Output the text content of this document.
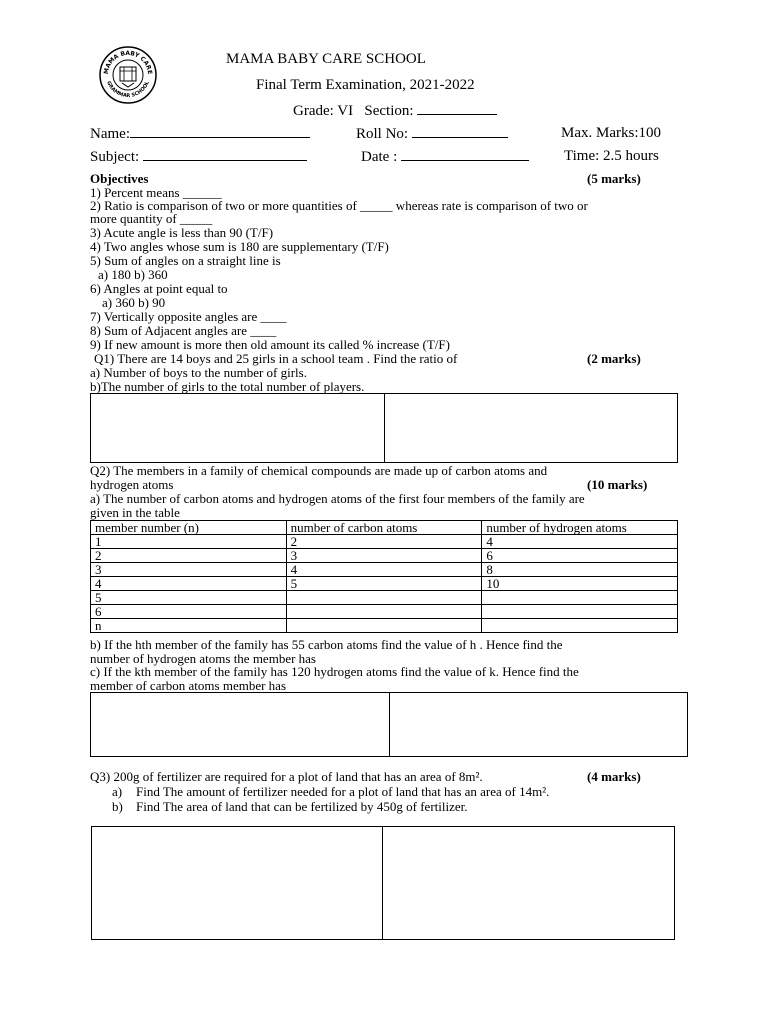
MAMA BABY CARE
GRAMMAR SCHOOL
MAMA BABY CARE SCHOOL
Final Term Examination, 2021-2022
Grade: VI Section:
Name:	Roll No:	Max. Marks:100
Subject:	Date :	Time: 2.5 hours
Objectives	(5 marks)
1) Percent means ______
2) Ratio is comparison of two or more quantities of _____ whereas rate is comparison of two or
more quantity of _____
3) Acute angle is less than 90 (T/F)
4) Two angles whose sum is 180 are supplementary (T/F)
5) Sum of angles on a straight line is
a) 180 b) 360
6) Angles at point equal to
a) 360 b) 90
7) Vertically opposite angles are ____
8) Sum of Adjacent angles are ____
9) If new amount is more then old amount its called % increase (T/F)
Q1) There are 14 boys and 25 girls in a school team . Find the ratio of	(2 marks)
a) Number of boys to the number of girls.
b)The number of girls to the total number of players.
Q2) The members in a family of chemical compounds are made up of carbon atoms and
hydrogen atoms	(10 marks)
a) The number of carbon atoms and hydrogen atoms of the first four members of the family are
given in the table
member number (n)	number of carbon atoms	number of hydrogen atoms
1	2	4
2	3	6
3	4	8
4	5	10
5		
6		
n		
b) If the hth member of the family has 55 carbon atoms find the value of h . Hence find the
number of hydrogen atoms the member has
c) If the kth member of the family has 120 hydrogen atoms find the value of k. Hence find the
member of carbon atoms member has
Q3) 200g of fertilizer are required for a plot of land that has an area of 8m².	(4 marks)
a) Find The amount of fertilizer needed for a plot of land that has an area of 14m².
b) Find The area of land that can be fertilized by 450g of fertilizer.
